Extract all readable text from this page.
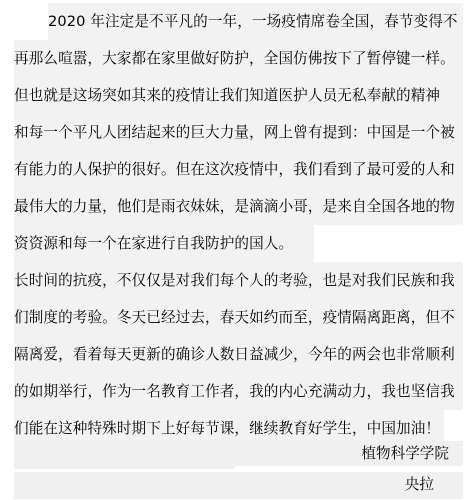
2020 年注定是不平凡的一年，一场疫情席卷全国，春节变得不
再那么喧嚣，大家都在家里做好防护，全国仿佛按下了暂停键一样。
但也就是这场突如其来的疫情让我们知道医护人员无私奉献的精神
和每一个平凡人团结起来的巨大力量，网上曾有提到：中国是一个被
有能力的人保护的很好。但在这次疫情中，我们看到了最可爱的人和
最伟大的力量，他们是雨衣妹妹，是滴滴小哥，是来自全国各地的物
资资源和每一个在家进行自我防护的国人。
长时间的抗疫，不仅仅是对我们每个人的考验，也是对我们民族和我
们制度的考验。冬天已经过去，春天如约而至，疫情隔离距离，但不
隔离爱，看着每天更新的确诊人数日益减少，今年的两会也非常顺利
的如期举行，作为一名教育工作者，我的内心充满动力，我也坚信我
们能在这种特殊时期下上好每节课，继续教育好学生，中国加油！
央拉
植物科学学院
